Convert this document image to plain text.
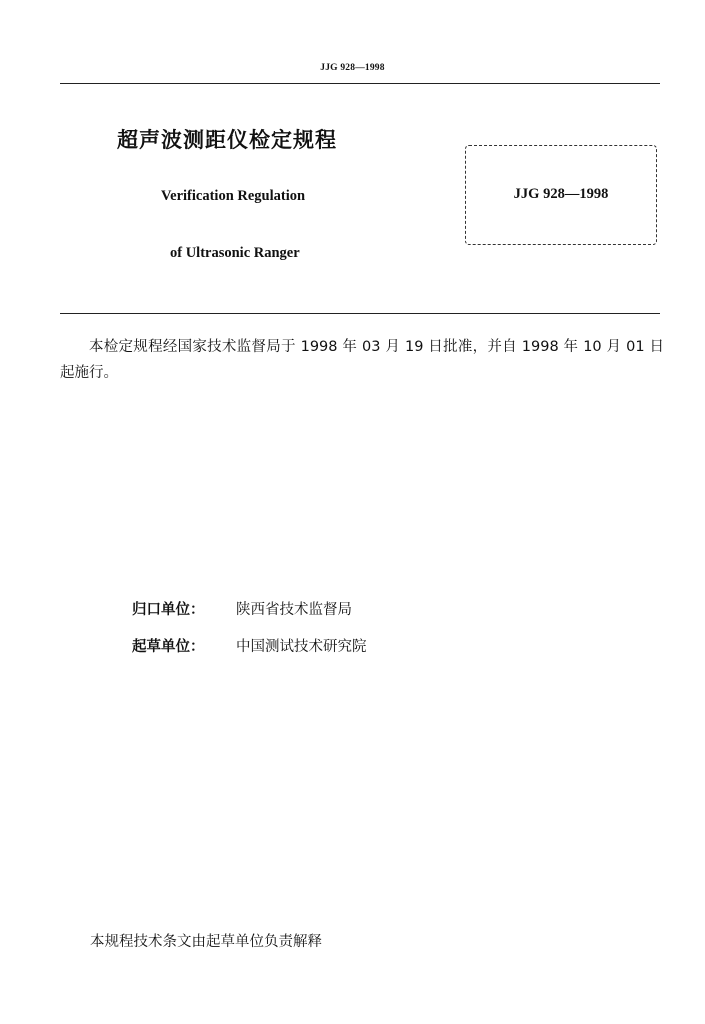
JJG 928—1998
超声波测距仪检定规程
Verification Regulation
of Ultrasonic Ranger
JJG 928—1998
本检定规程经国家技术监督局于 1998 年 03 月 19 日批准，并自 1998 年 10 月 01 日起施行。
归口单位： 陕西省技术监督局
起草单位： 中国测试技术研究院
本规程技术条文由起草单位负责解释
